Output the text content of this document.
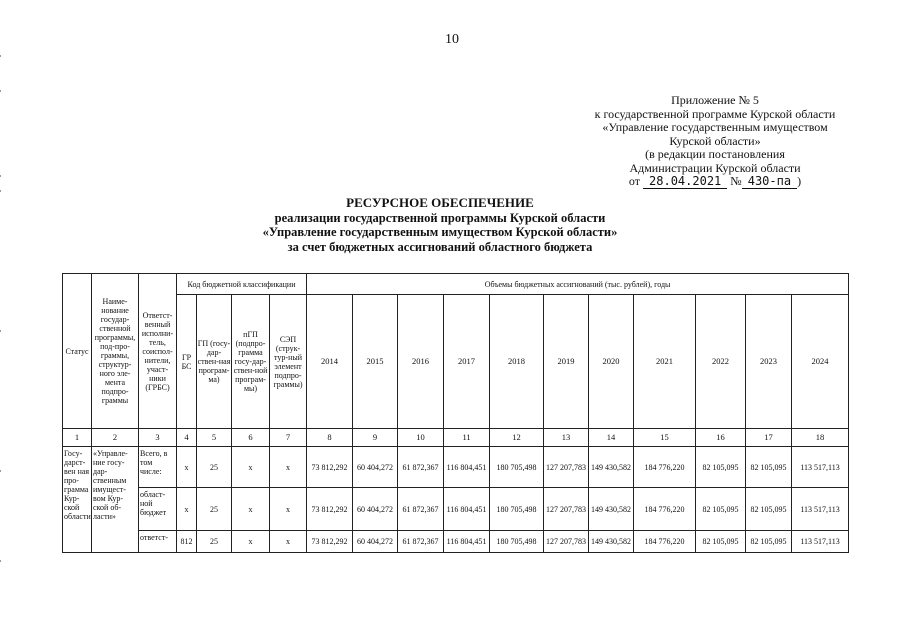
10
Приложение № 5
к государственной программе Курской области
«Управление государственным имуществом
Курской области»
(в редакции постановления
Администрации Курской области
от 28.04.2021 № 430-па )
РЕСУРСНОЕ ОБЕСПЕЧЕНИЕ
реализации государственной программы Курской области
«Управление государственным имуществом Курской области»
за счет бюджетных ассигнований областного бюджета
Статус	Наиме-нование государ-ственной программы, под-про-граммы, структур-ного эле-мента подпро-граммы	Ответст-венный исполни-тель, соиспол-нители, участ-ники (ГРБС)	Код бюджетной классификации				Объемы бюджетных ассигнований (тыс. рублей), годы										
			ГР БС	ГП (госу-дар-ствен-ная програм-ма)	пГП (подпро-грамма госу-дар-ствен-ной програм-мы)	СЭП (струк-тур-ный элемент подпро-граммы)	2014	2015	2016	2017	2018	2019	2020	2021	2022	2023	2024
1	2	3	4	5	6	7	8	9	10	11	12	13	14	15	16	17	18
Госу-дарст-вен ная про-грамма Кур-ской области	«Управле-ние госу-дар-ственным имущест-вом Кур-ской об-ласти»	Всего, в том числе:	x	25	x	x	73 812,292	60 404,272	61 872,367	116 804,451	180 705,498	127 207,783	149 430,582	184 776,220	82 105,095	82 105,095	113 517,113
		област-ной бюджет	x	25	x	x	73 812,292	60 404,272	61 872,367	116 804,451	180 705,498	127 207,783	149 430,582	184 776,220	82 105,095	82 105,095	113 517,113
		ответст-	812	25	x	x	73 812,292	60 404,272	61 872,367	116 804,451	180 705,498	127 207,783	149 430,582	184 776,220	82 105,095	82 105,095	113 517,113
